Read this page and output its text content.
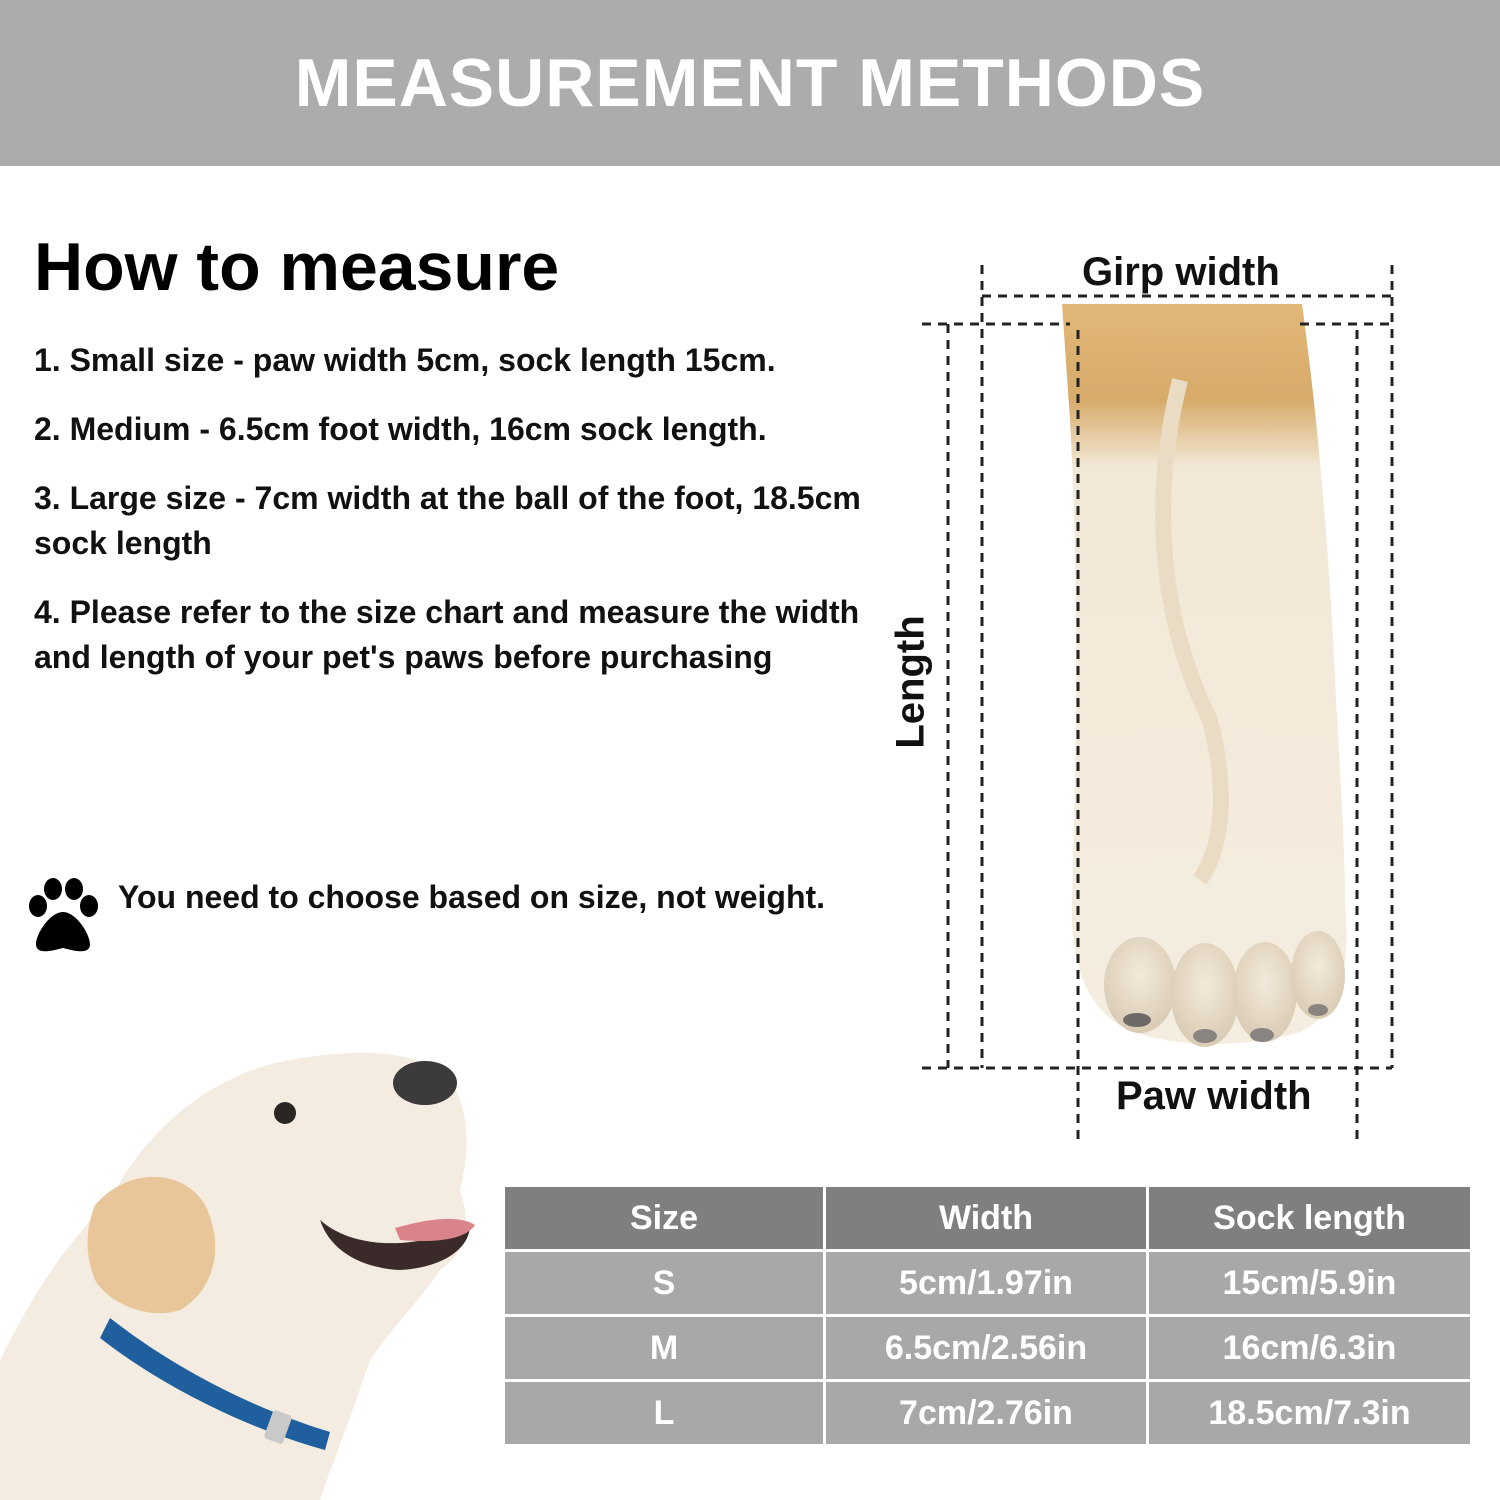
MEASUREMENT METHODS
How to measure
1. Small size - paw width 5cm, sock length 15cm.
2. Medium - 6.5cm foot width, 16cm sock length.
3. Large size - 7cm width at the ball of the foot, 18.5cm sock length
4. Please refer to the size chart and measure the width and length of your pet's paws before purchasing
You need to choose based on size, not weight.
Girp width
Paw width
Length
Size	Width	Sock length
S	5cm/1.97in	15cm/5.9in
M	6.5cm/2.56in	16cm/6.3in
L	7cm/2.76in	18.5cm/7.3in
